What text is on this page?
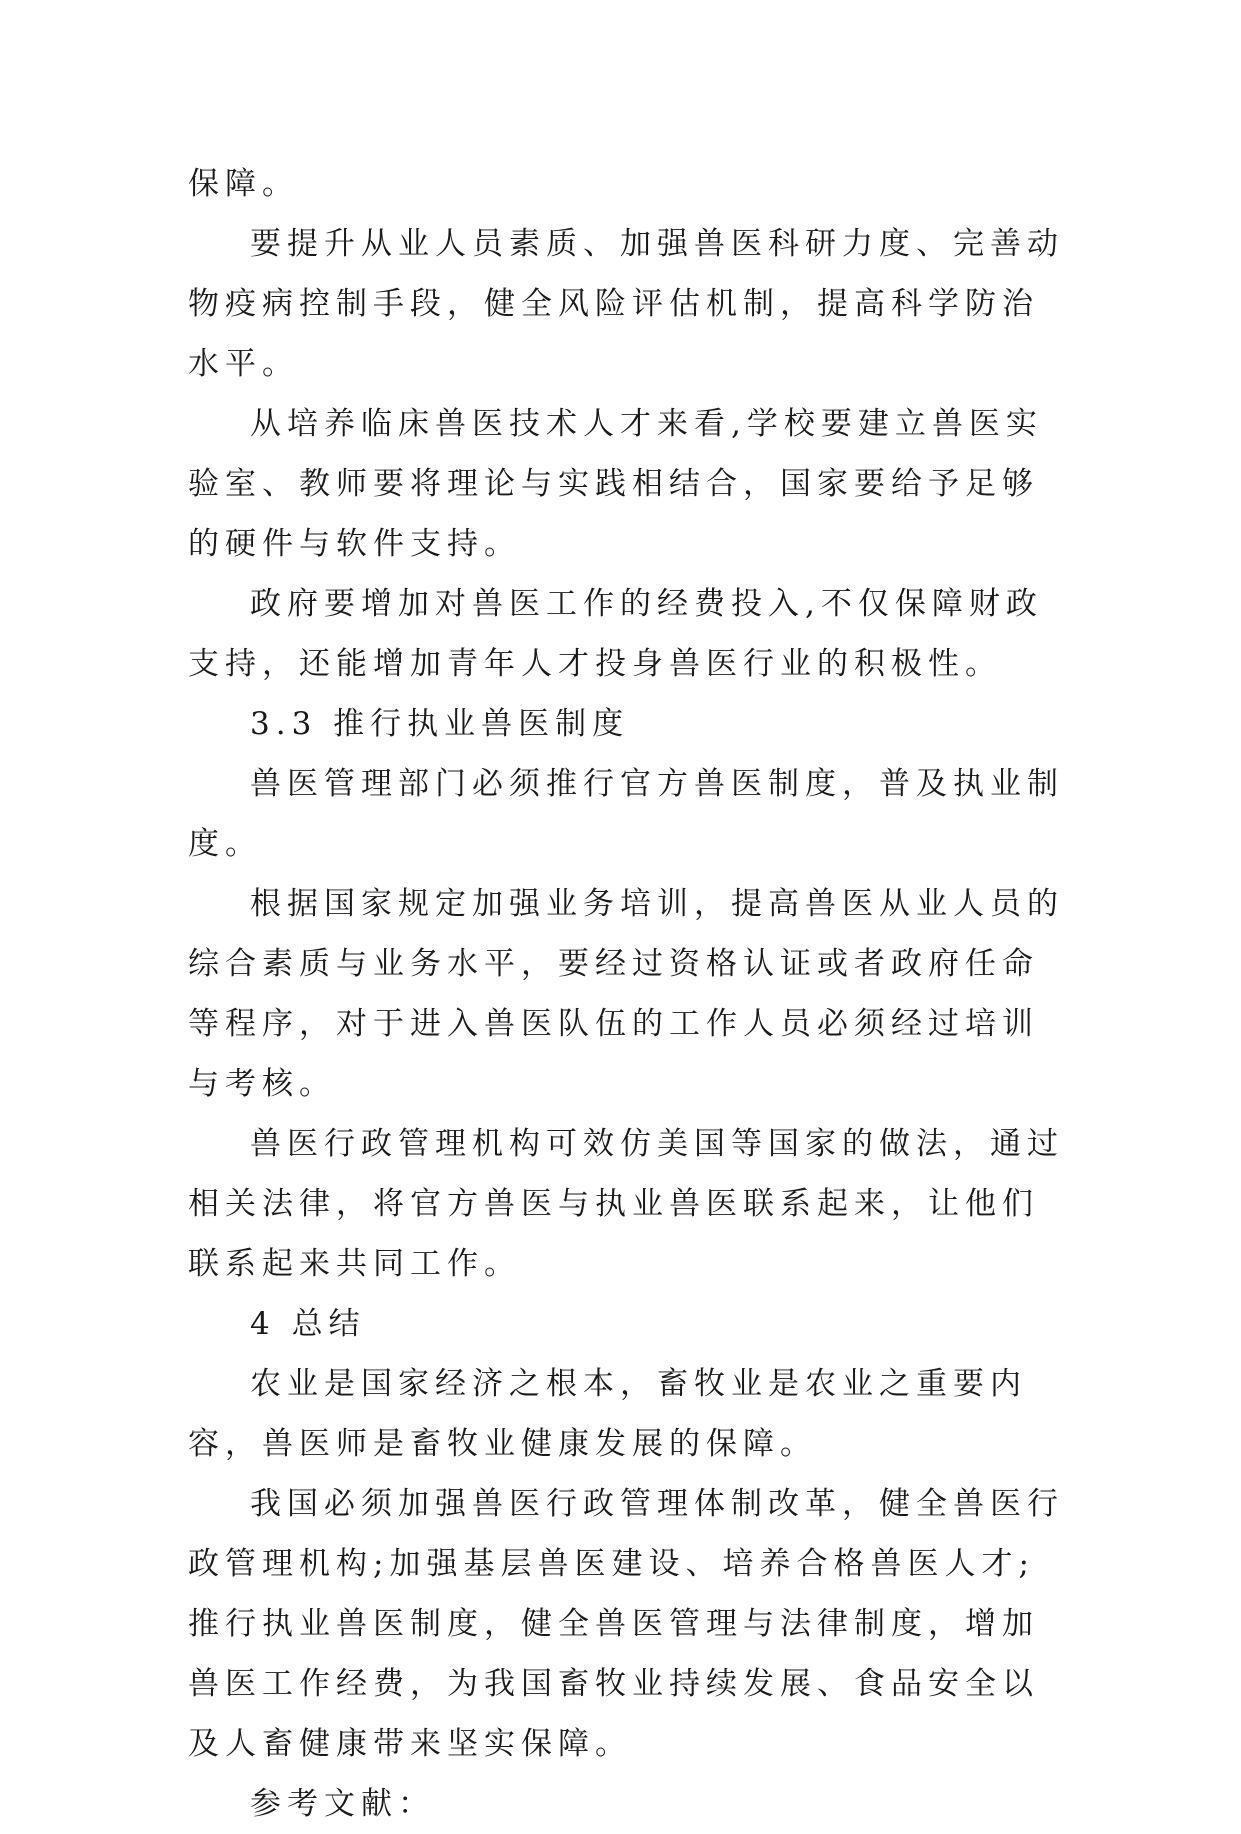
保障。

要提升从业人员素质、加强兽医科研力度、完善动物疫病控制手段，健全风险评估机制，提高科学防治水平。

从培养临床兽医技术人才来看,学校要建立兽医实验室、教师要将理论与实践相结合，国家要给予足够的硬件与软件支持。

政府要增加对兽医工作的经费投入,不仅保障财政支持，还能增加青年人才投身兽医行业的积极性。

3.3 推行执业兽医制度

兽医管理部门必须推行官方兽医制度，普及执业制度。

根据国家规定加强业务培训，提高兽医从业人员的综合素质与业务水平，要经过资格认证或者政府任命等程序，对于进入兽医队伍的工作人员必须经过培训与考核。

兽医行政管理机构可效仿美国等国家的做法，通过相关法律，将官方兽医与执业兽医联系起来，让他们联系起来共同工作。

4 总结

农业是国家经济之根本，畜牧业是农业之重要内容，兽医师是畜牧业健康发展的保障。

我国必须加强兽医行政管理体制改革，健全兽医行政管理机构;加强基层兽医建设、培养合格兽医人才;推行执业兽医制度，健全兽医管理与法律制度，增加兽医工作经费，为我国畜牧业持续发展、食品安全以及人畜健康带来坚实保障。

参考文献：
